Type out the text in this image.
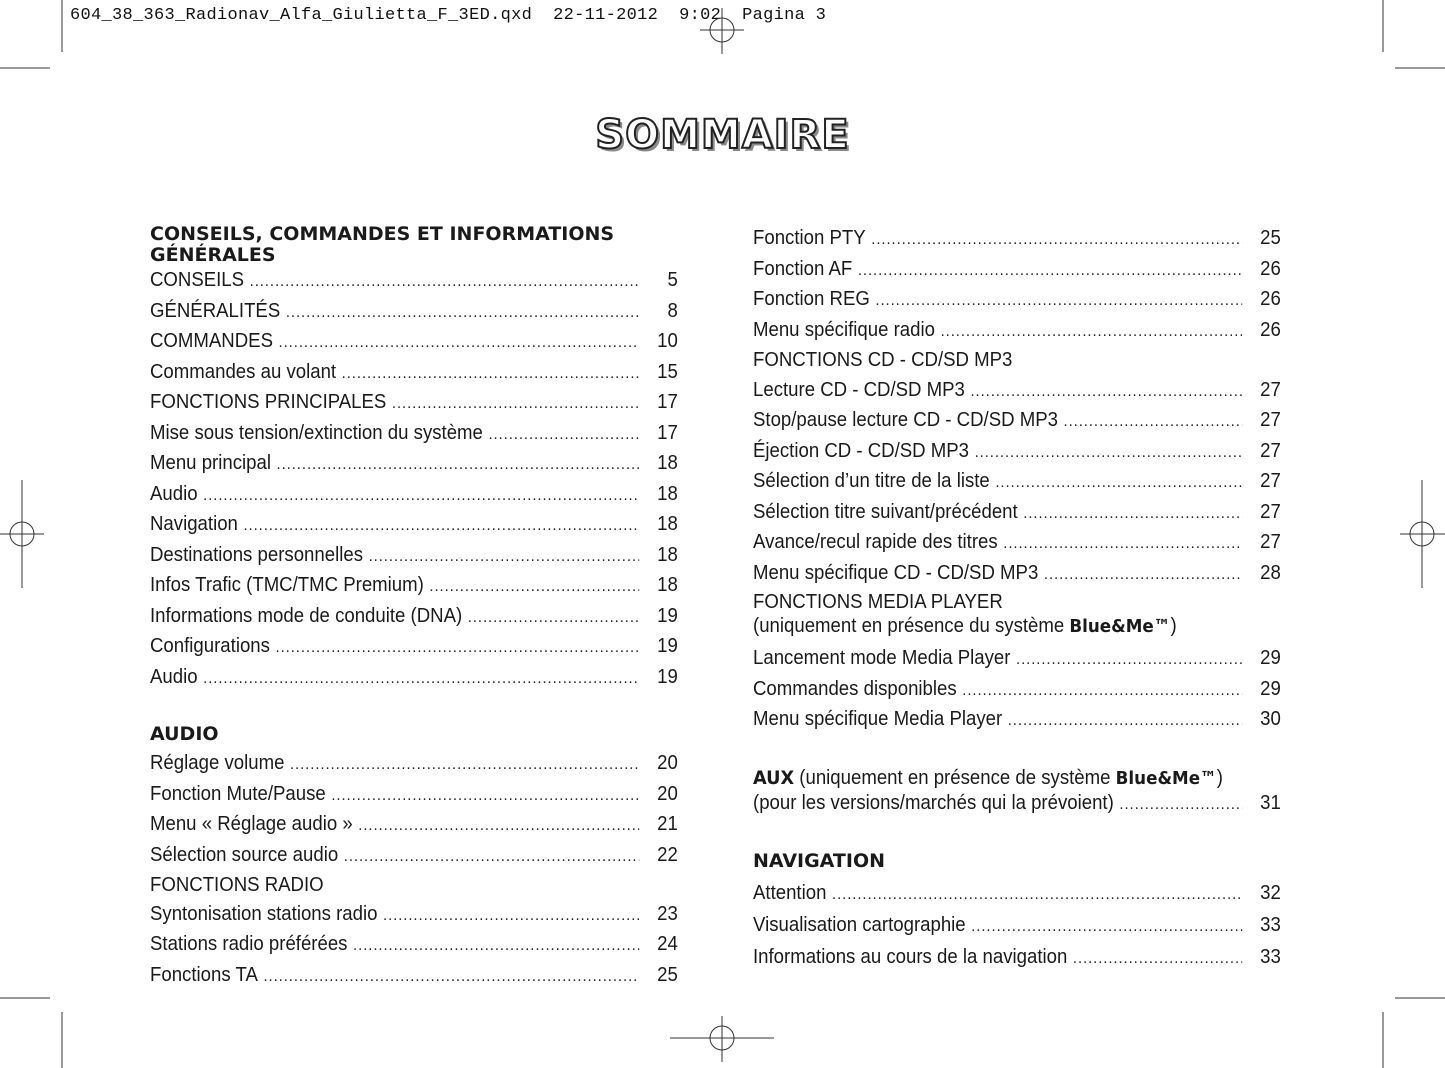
604_38_363_Radionav_Alfa_Giulietta_F_3ED.qxd  22-11-2012  9:02  Pagina 3
SOMMAIRE
CONSEILS, COMMANDES ET INFORMATIONS
GÉNÉRALES
CONSEILS .....	5
GÉNÉRALITÉS .....	8
COMMANDES .....	10
Commandes au volant .....	15
FONCTIONS PRINCIPALES .....	17
Mise sous tension/extinction du système .....	17
Menu principal .....	18
Audio .....	18
Navigation .....	18
Destinations personnelles .....	18
Infos Trafic (TMC/TMC Premium) .....	18
Informations mode de conduite (DNA) .....	19
Configurations .....	19
Audio .....	19
AUDIO
Réglage volume .....	20
Fonction Mute/Pause .....	20
Menu « Réglage audio » .....	21
Sélection source audio .....	22
FONCTIONS RADIO
Syntonisation stations radio .....	23
Stations radio préférées .....	24
Fonctions TA .....	25
Fonction PTY .....	25
Fonction AF .....	26
Fonction REG .....	26
Menu spécifique radio .....	26
FONCTIONS CD - CD/SD MP3
Lecture CD - CD/SD MP3 .....	27
Stop/pause lecture CD - CD/SD MP3 .....	27
Éjection CD - CD/SD MP3 .....	27
Sélection d’un titre de la liste .....	27
Sélection titre suivant/précédent .....	27
Avance/recul rapide des titres .....	27
Menu spécifique CD - CD/SD MP3 .....	28
FONCTIONS MEDIA PLAYER
(uniquement en présence du système Blue&Me™)
Lancement mode Media Player .....	29
Commandes disponibles .....	29
Menu spécifique Media Player .....	30
AUX (uniquement en présence de système Blue&Me™)
(pour les versions/marchés qui la prévoient) .....	31
NAVIGATION
Attention .....	32
Visualisation cartographie .....	33
Informations au cours de la navigation .....	33
